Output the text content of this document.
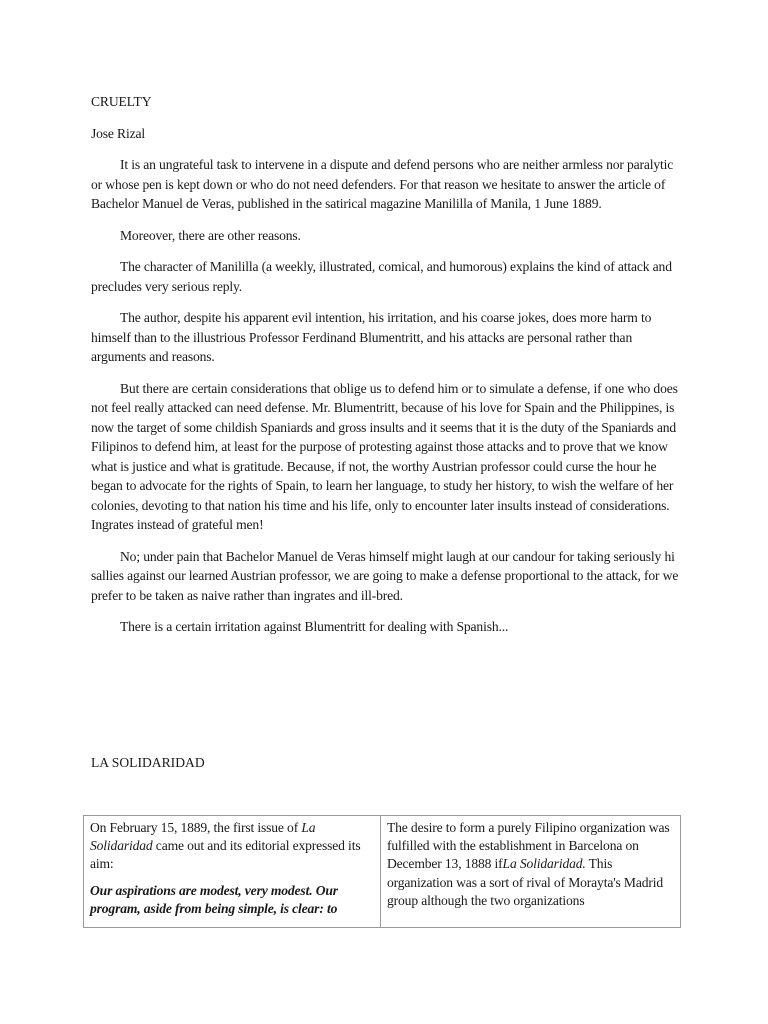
CRUELTY

Jose Rizal

It is an ungrateful task to intervene in a dispute and defend persons who are neither armless nor paralytic or whose pen is kept down or who do not need defenders. For that reason we hesitate to answer the article of Bachelor Manuel de Veras, published in the satirical magazine Manililla of Manila, 1 June 1889.

Moreover, there are other reasons.

The character of Manililla (a weekly, illustrated, comical, and humorous) explains the kind of attack and precludes very serious reply.

The author, despite his apparent evil intention, his irritation, and his coarse jokes, does more harm to himself than to the illustrious Professor Ferdinand Blumentritt, and his attacks are personal rather than arguments and reasons.

But there are certain considerations that oblige us to defend him or to simulate a defense, if one who does not feel really attacked can need defense. Mr. Blumentritt, because of his love for Spain and the Philippines, is now the target of some childish Spaniards and gross insults and it seems that it is the duty of the Spaniards and Filipinos to defend him, at least for the purpose of protesting against those attacks and to prove that we know what is justice and what is gratitude. Because, if not, the worthy Austrian professor could curse the hour he began to advocate for the rights of Spain, to learn her language, to study her history, to wish the welfare of her colonies, devoting to that nation his time and his life, only to encounter later insults instead of considerations. Ingrates instead of grateful men!

No; under pain that Bachelor Manuel de Veras himself might laugh at our candour for taking seriously hi sallies against our learned Austrian professor, we are going to make a defense proportional to the attack, for we prefer to be taken as naive rather than ingrates and ill-bred.

There is a certain irritation against Blumentritt for dealing with Spanish...

LA SOLIDARIDAD

On February 15, 1889, the first issue of La Solidaridad came out and its editorial expressed its aim:

Our aspirations are modest, very modest. Our program, aside from being simple, is clear: to

The desire to form a purely Filipino organization was fulfilled with the establishment in Barcelona on December 13, 1888 ifLa Solidaridad. This organization was a sort of rival of Morayta's Madrid group although the two organizations
